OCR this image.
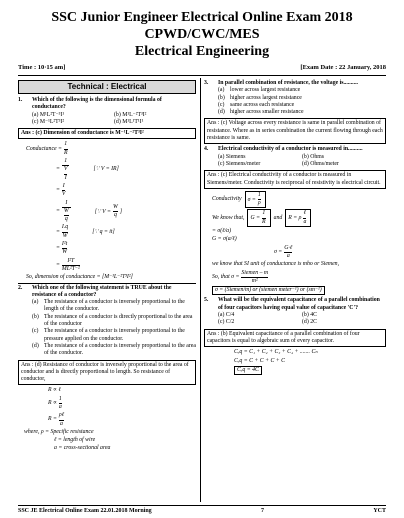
SSC Junior Engineer Electrical Online Exam 2018
CPWD/CWC/MES
Electrical Engineering
Time : 10·15 am]	[Exam Date : 22 January, 2018
Technical : Electrical
1.	Which of the following is the dimensional formula of conductance?
(a) M¹L²T⁻³I¹	(b) M¹L⁻²T³I²
(c) M⁻¹L²T³I²	(d) M¹L¹T¹I¹
Ans : (c) Dimension of conductance is M⁻¹L⁻²T³I²
Conductance = $\frac{1}{R}$
= 1
V
I	[∵ V = IR]
= $\frac{I}{V}$
= I
W
q	[∵ $V = \frac{W}{q}$ ]
= $\frac{I.q}{W}$	[∵ q = it]
= $\frac{\text{I²t}}{W}$
= $\frac{\text{I²T}}{\text{ML²T⁻²}}$
So, dimension of conductance = [M⁻¹L⁻²T³I²]
2.	Which one of the following statement is TRUE about the resistance of a conductor?
(a) The resistance of a conductor is inversely proportional to the length of the conductor.
(b) The resistance of a conductor is directly proportional to the area of the conductor
(c) The resistance of a conductor is inversely proportional to the pressure applied on the conductor.
(d) The resistance of a conductor is inversely proportional to the area of the conductor.
Ans : (d) Resistance of conductor is inversely proportional to the area of conductor and is directly proportional to length. So resistance of conductor,
R ∝ ℓ
$R \propto \frac{1}{a}$
$R = \frac{\text{ρℓ}}{a}$
where, ρ = Specific resistance
ℓ = length of wire
a = cross-sectional area
3.	In parallel combination of resistance, the voltage is..........
(a) lower across largest resistance
(b) higher across largest resistance
(c) same across each resistance
(d) higher across smaller resistance
Ans : (c) Voltage across every resistance is same in parallel combination of resistance. Where as in series combination the current flowing through each resistance is same.
4.	Electrical conductivity of a conductor is measured in..........
(a) Siemens	(b) Ohms
(c) Siemens/meter	(d) Ohms/meter
Ans : (c) Electrical conductivity of a conductor is measured in Siemens/meter. Conductivity is reciprocal of resistivity is electrical circuit.
Conductivity	$\sigma = \frac{1}{\rho}$
We know that,	$G = \frac{1}{R}$ and	R = ρ $\frac{\text{ℓ}}{a}$
= σ(ℓ/a)
G = σ(a/ℓ)
$\sigma = \frac{\text{G·ℓ}}{a}$
we know that SI unit of conductance is mho or Siemen,
So, that $\sigma = \frac{\text{Siemen – m}}{\text{m²}}$
σ = (Siemen/m) or (siemen meter⁻¹) or (sm⁻¹)
5.	What will be the equivalent capacitance of a parallel combination of four capacitors having equal value of capacitance 'C'?
(a) C/4	(b) 4C
(c) C/2	(d) 2C
Ans : (b) Equivalent capacitance of a parallel combination of four capacitors is equal to algebraic sum of every capacitor.
Cₑq = C₁ + C₂ + C₃ + C₄ + ....... Cₙ
Cₑq = C + C + C + C
Cₑq = 4C
SSC JE Electrical Online Exam 22.01.2018 Morning	7	YCT
